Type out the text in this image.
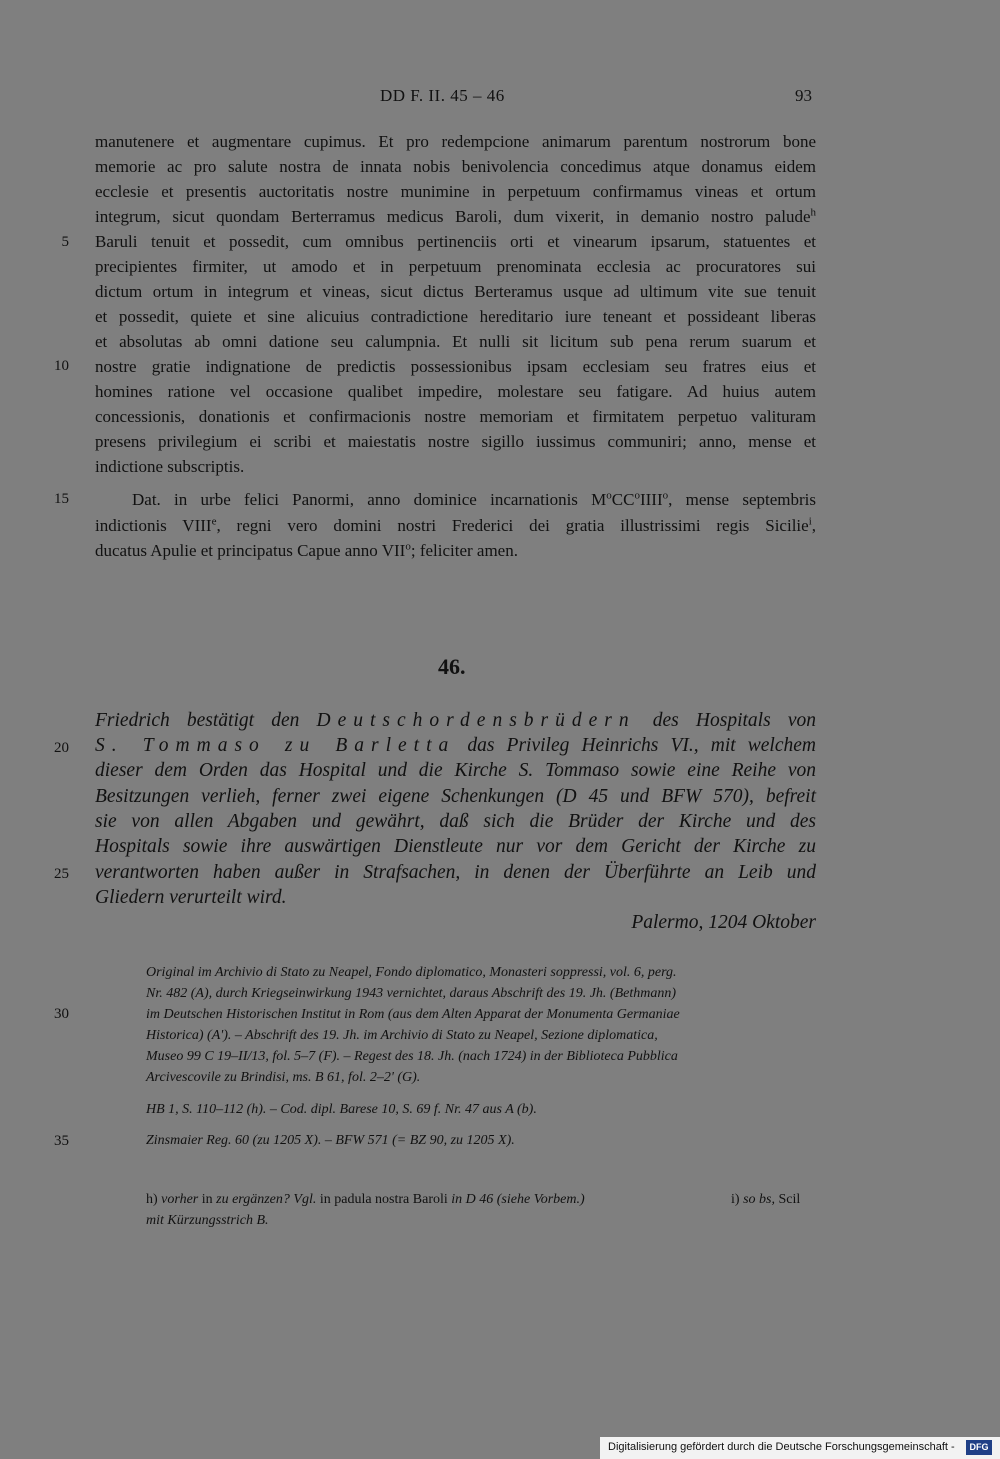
DD F. II. 45 – 46	93
manutenere et augmentare cupimus. Et pro redempcione animarum parentum nostrorum bone
memorie ac pro salute nostra de innata nobis benivolencia concedimus atque donamus eidem
ecclesie et presentis auctoritatis nostre munimine in perpetuum confirmamus vineas et ortum
integrum, sicut quondam Berterramus medicus Baroli, dum vixerit, in demanio nostro palude$^h$
Baruli tenuit et possedit, cum omnibus pertinenciis orti et vinearum ipsarum, statuentes et
precipientes firmiter, ut amodo et in perpetuum prenominata ecclesia ac procuratores sui
dictum ortum in integrum et vineas, sicut dictus Berteramus usque ad ultimum vite sue tenuit
et possedit, quiete et sine alicuius contradictione hereditario iure teneant et possideant liberas
et absolutas ab omni datione seu calumpnia. Et nulli sit licitum sub pena rerum suarum et
nostre gratie indignatione de predictis possessionibus ipsam ecclesiam seu fratres eius et
homines ratione vel occasione qualibet impedire, molestare seu fatigare. Ad huius autem
concessionis, donationis et confirmacionis nostre memoriam et firmitatem perpetuo valituram
presens privilegium ei scribi et maiestatis nostre sigillo iussimus communiri; anno, mense et
indictione subscriptis.
Dat. in urbe felici Panormi, anno dominice incarnationis $M^oCC^oIIII^o$, mense septembris
indictionis VIIIe, regni vero domini nostri Frederici dei gratia illustrissimi regis Sicilie$^i$,
ducatus Apulie et principatus Capue anno VII$^o$; feliciter amen.
5
10
15
20
25
30
35
46.
Friedrich bestätigt den Deutschordensbrüdern des Hospitals von
S. Tommaso zu Barletta das Privileg Heinrichs VI., mit welchem
dieser dem Orden das Hospital und die Kirche S. Tommaso sowie eine Reihe von
Besitzungen verlieh, ferner zwei eigene Schenkungen (D 45 und BFW 570), befreit
sie von allen Abgaben und gewährt, daß sich die Brüder der Kirche und des
Hospitals sowie ihre auswärtigen Dienstleute nur vor dem Gericht der Kirche zu
verantworten haben außer in Strafsachen, in denen der Überführte an Leib und
Gliedern verurteilt wird.
Palermo, 1204 Oktober
Original im Archivio di Stato zu Neapel, Fondo diplomatico, Monasteri soppressi, vol. 6, perg.
Nr. 482 (A), durch Kriegseinwirkung 1943 vernichtet, daraus Abschrift des 19. Jh. (Bethmann)
im Deutschen Historischen Institut in Rom (aus dem Alten Apparat der Monumenta Germaniae
Historica) (A'). – Abschrift des 19. Jh. im Archivio di Stato zu Neapel, Sezione diplomatica,
Museo 99 C 19–II/13, fol. 5–7 (F). – Regest des 18. Jh. (nach 1724) in der Biblioteca Pubblica
Arcivescovile zu Brindisi, ms. B 61, fol. 2–2' (G).
HB 1, S. 110–112 (h). – Cod. dipl. Barese 10, S. 69 f. Nr. 47 aus A (b).
Zinsmaier Reg. 60 (zu 1205 X). – BFW 571 (= BZ 90, zu 1205 X).
h) vorher in zu ergänzen? Vgl. in padula nostra Baroli in D 46 (siehe Vorbem.)	i) so bs, Scil
mit Kürzungsstrich B.
Digitalisierung gefördert durch die Deutsche Forschungsgemeinschaft -	DFG
